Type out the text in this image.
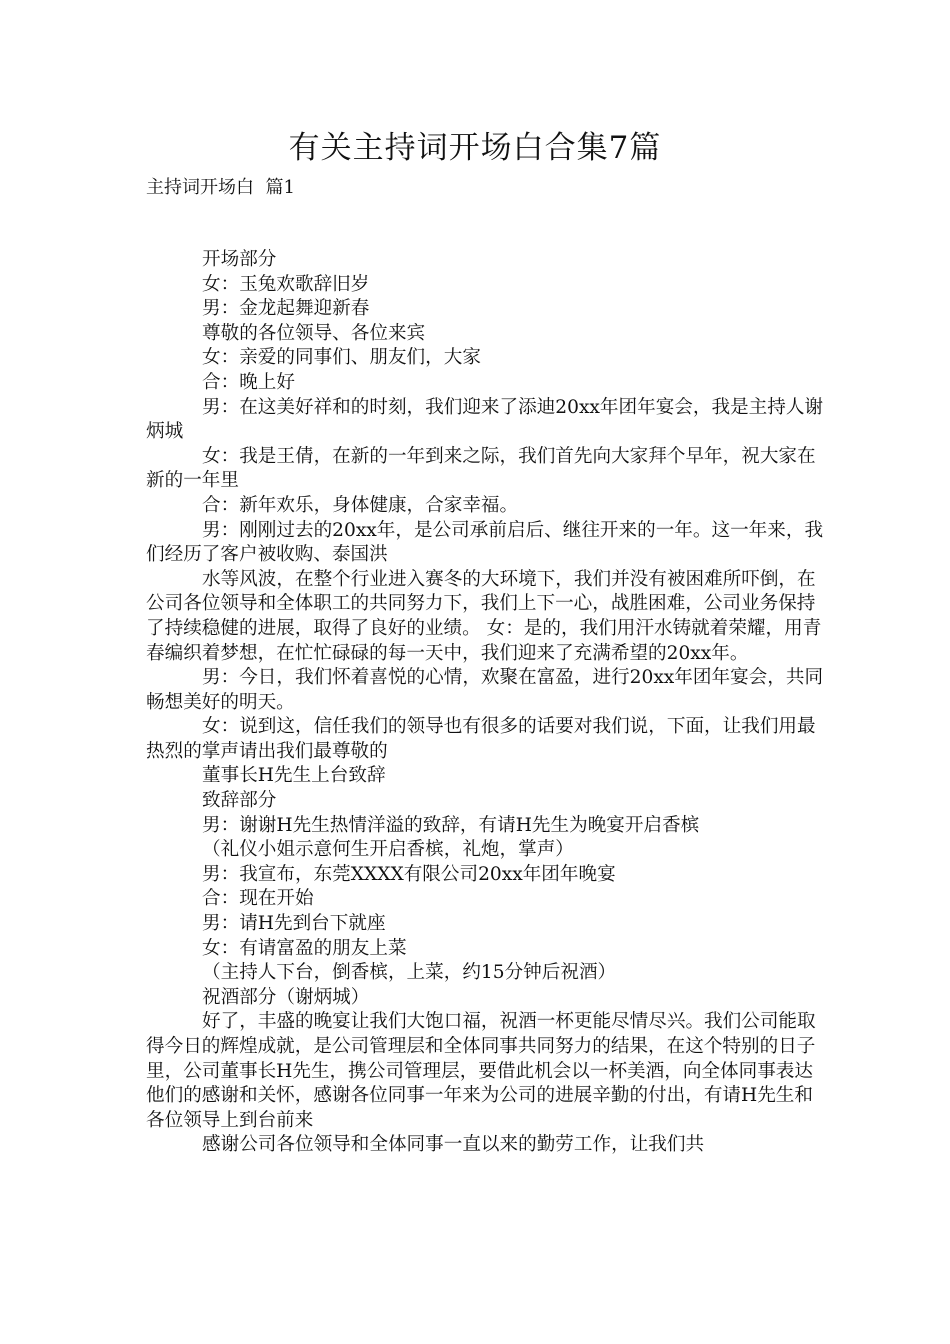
有关主持词开场白合集7篇
主持词开场白  篇1

开场部分

女：玉兔欢歌辞旧岁

男：金龙起舞迎新春

尊敬的各位领导、各位来宾

女：亲爱的同事们、朋友们，大家

合：晚上好

男：在这美好祥和的时刻，我们迎来了添迪20xx年团年宴会，我是主持人谢炳城

女：我是王倩，在新的一年到来之际，我们首先向大家拜个早年，祝大家在新的一年里

合：新年欢乐，身体健康，合家幸福。

男：刚刚过去的20xx年，是公司承前启后、继往开来的一年。这一年来，我们经历了客户被收购、泰国洪

水等风波，在整个行业进入赛冬的大环境下，我们并没有被困难所吓倒，在公司各位领导和全体职工的共同努力下，我们上下一心，战胜困难，公司业务保持了持续稳健的进展，取得了良好的业绩。 女：是的，我们用汗水铸就着荣耀，用青春编织着梦想，在忙忙碌碌的每一天中，我们迎来了充满希望的20xx年。

男：今日，我们怀着喜悦的心情，欢聚在富盈，进行20xx年团年宴会，共同畅想美好的明天。

女：说到这，信任我们的领导也有很多的话要对我们说，下面，让我们用最热烈的掌声请出我们最尊敬的

董事长H先生上台致辞

致辞部分

男：谢谢H先生热情洋溢的致辞，有请H先生为晚宴开启香槟

（礼仪小姐示意何生开启香槟，礼炮，掌声）

男：我宣布，东莞XXXX有限公司20xx年团年晚宴

合：现在开始

男：请H先到台下就座

女：有请富盈的朋友上菜

（主持人下台，倒香槟，上菜，约15分钟后祝酒）

祝酒部分（谢炳城）

好了，丰盛的晚宴让我们大饱口福，祝酒一杯更能尽情尽兴。我们公司能取得今日的辉煌成就，是公司管理层和全体同事共同努力的结果，在这个特别的日子里，公司董事长H先生，携公司管理层，要借此机会以一杯美酒，向全体同事表达他们的感谢和关怀，感谢各位同事一年来为公司的进展辛勤的付出，有请H先生和各位领导上到台前来

感谢公司各位领导和全体同事一直以来的勤劳工作，让我们共
